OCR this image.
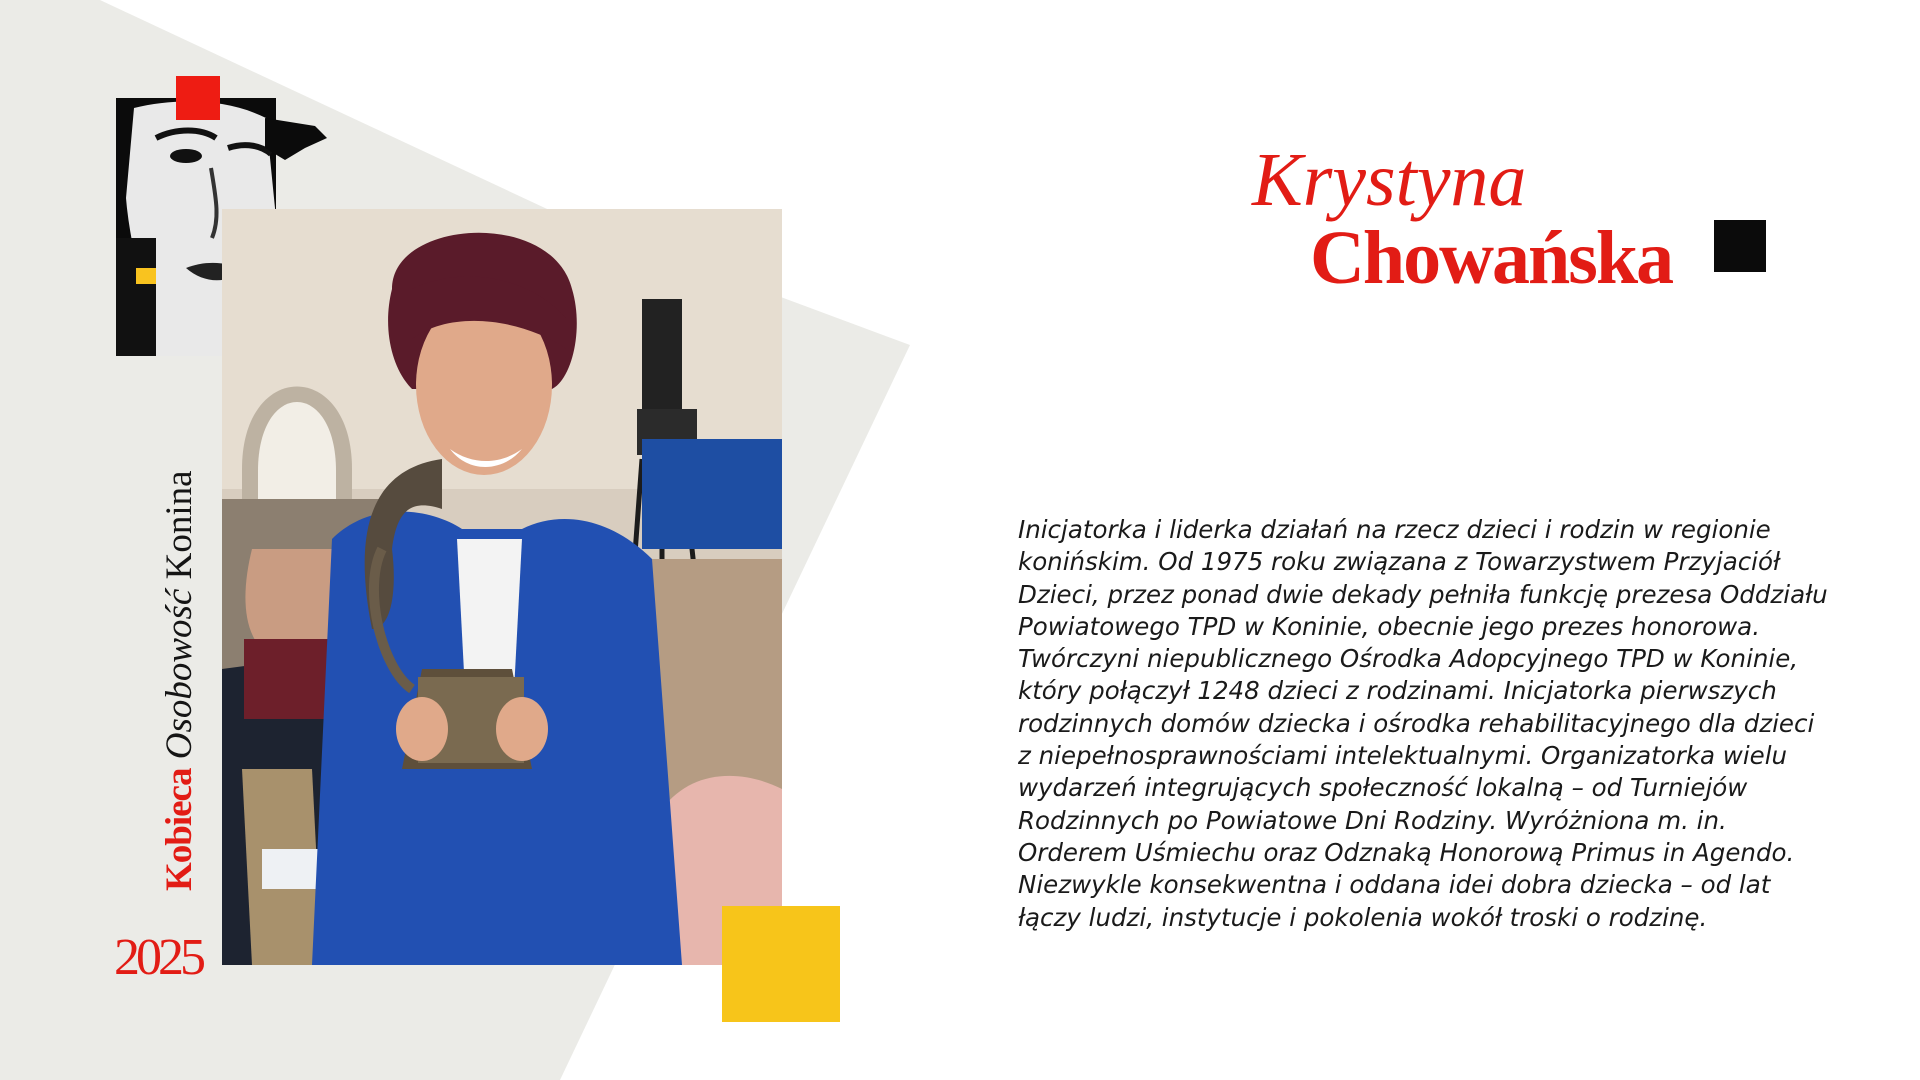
Kobieca Osobowość Konina
2025
Krystyna
Chowańska

Inicjatorka i liderka działań na rzecz dzieci i rodzin w regionie konińskim. Od 1975 roku związana z Towarzystwem Przyjaciół Dzieci, przez ponad dwie dekady pełniła funkcję prezesa Oddziału Powiatowego TPD w Koninie, obecnie jego prezes honorowa. Twórczyni niepublicznego Ośrodka Adopcyjnego TPD w Koninie, który połączył 1248 dzieci z rodzinami. Inicjatorka pierwszych rodzinnych domów dziecka i ośrodka rehabilitacyjnego dla dzieci z niepełnosprawnościami intelektualnymi. Organizatorka wielu wydarzeń integrujących społeczność lokalną – od Turniejów Rodzinnych po Powiatowe Dni Rodziny. Wyróżniona m. in. Orderem Uśmiechu oraz Odznaką Honorową Primus in Agendo. Niezwykle konsekwentna i oddana idei dobra dziecka – od lat łączy ludzi, instytucje i pokolenia wokół troski o rodzinę.
